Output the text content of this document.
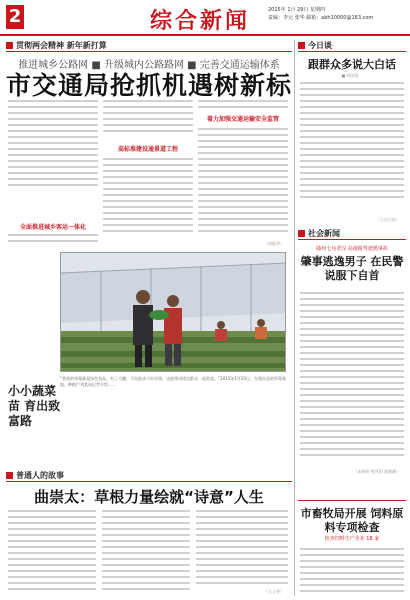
2	综合新闻	2015年 1月 29日 星期四
责编：李元 张华 邮箱：abh10000@163.com
贯彻两会精神 新年新打算
推进城乡公路网 ■ 升级城内公路路网 ■ 完善交通运输体系
市交通局抢抓机遇树新标
全面推进城乡客运一体化
高标准建设通景道工程
着力加强交通运输安全监管
（商振华）
“我家的草莓都是绿色食品，有了大棚，不仅能卖个好价钱，还能带动周边群众一起致富。”2015年1月23日，在建昌县的草莓基地，种植户刘某向记者介绍……
小小蔬菜苗 育出致富路
普通人的故事
曲崇太：草根力量绘就“诗意”人生
（王玉琴）
今日谈
跟群众多说大白话
■ 韩国强
（人民日报）
社会新闻
随州七旬老汉 高速路驾驶遇事故
肇事逃逸男子 在民警说服下自首
（宋研明 熊兆阳 姚姗姗）
市畜牧局开展 饲料原料专项检查
检查饲料生产企业 18 家
